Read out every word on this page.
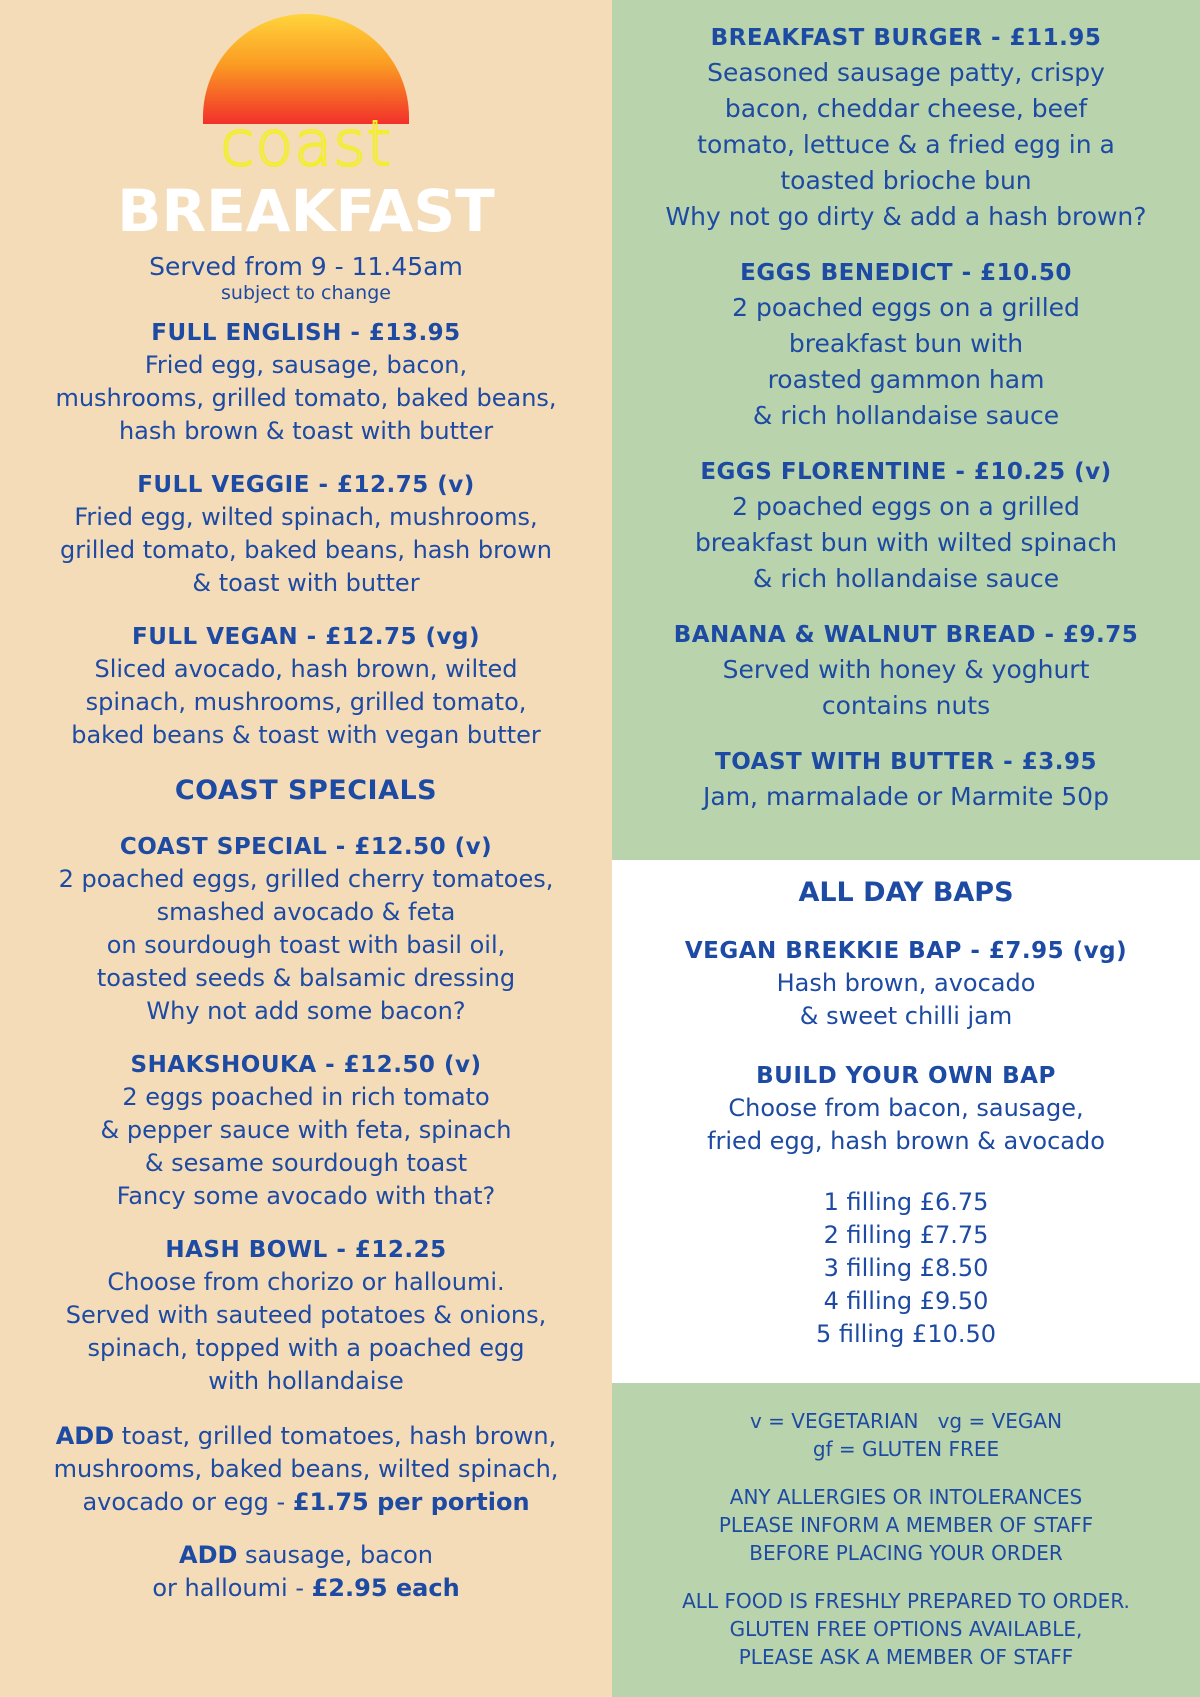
coast
BREAKFAST
Served from 9 - 11.45am
subject to change
FULL ENGLISH - £13.95
Fried egg, sausage, bacon,
mushrooms, grilled tomato, baked beans,
hash brown & toast with butter
FULL VEGGIE - £12.75 (v)
Fried egg, wilted spinach, mushrooms,
grilled tomato, baked beans, hash brown
& toast with butter
FULL VEGAN - £12.75 (vg)
Sliced avocado, hash brown, wilted
spinach, mushrooms, grilled tomato,
baked beans & toast with vegan butter
COAST SPECIALS
COAST SPECIAL - £12.50 (v)
2 poached eggs, grilled cherry tomatoes,
smashed avocado & feta
on sourdough toast with basil oil,
toasted seeds & balsamic dressing
Why not add some bacon?
SHAKSHOUKA - £12.50 (v)
2 eggs poached in rich tomato
& pepper sauce with feta, spinach
& sesame sourdough toast
Fancy some avocado with that?
HASH BOWL - £12.25
Choose from chorizo or halloumi.
Served with sauteed potatoes & onions,
spinach, topped with a poached egg
with hollandaise
ADD toast, grilled tomatoes, hash brown,
mushrooms, baked beans, wilted spinach,
avocado or egg - £1.75 per portion
ADD sausage, bacon
or halloumi - £2.95 each
BREAKFAST BURGER - £11.95
Seasoned sausage patty, crispy
bacon, cheddar cheese, beef
tomato, lettuce & a fried egg in a
toasted brioche bun
Why not go dirty & add a hash brown?
EGGS BENEDICT - £10.50
2 poached eggs on a grilled
breakfast bun with
roasted gammon ham
& rich hollandaise sauce
EGGS FLORENTINE - £10.25 (v)
2 poached eggs on a grilled
breakfast bun with wilted spinach
& rich hollandaise sauce
BANANA & WALNUT BREAD - £9.75
Served with honey & yoghurt
contains nuts
TOAST WITH BUTTER - £3.95
Jam, marmalade or Marmite 50p
ALL DAY BAPS
VEGAN BREKKIE BAP - £7.95 (vg)
Hash brown, avocado
& sweet chilli jam
BUILD YOUR OWN BAP
Choose from bacon, sausage,
fried egg, hash brown & avocado
1 filling £6.75
2 filling £7.75
3 filling £8.50
4 filling £9.50
5 filling £10.50
v = VEGETARIAN   vg = VEGAN
gf = GLUTEN FREE
ANY ALLERGIES OR INTOLERANCES
PLEASE INFORM A MEMBER OF STAFF
BEFORE PLACING YOUR ORDER
ALL FOOD IS FRESHLY PREPARED TO ORDER.
GLUTEN FREE OPTIONS AVAILABLE,
PLEASE ASK A MEMBER OF STAFF
